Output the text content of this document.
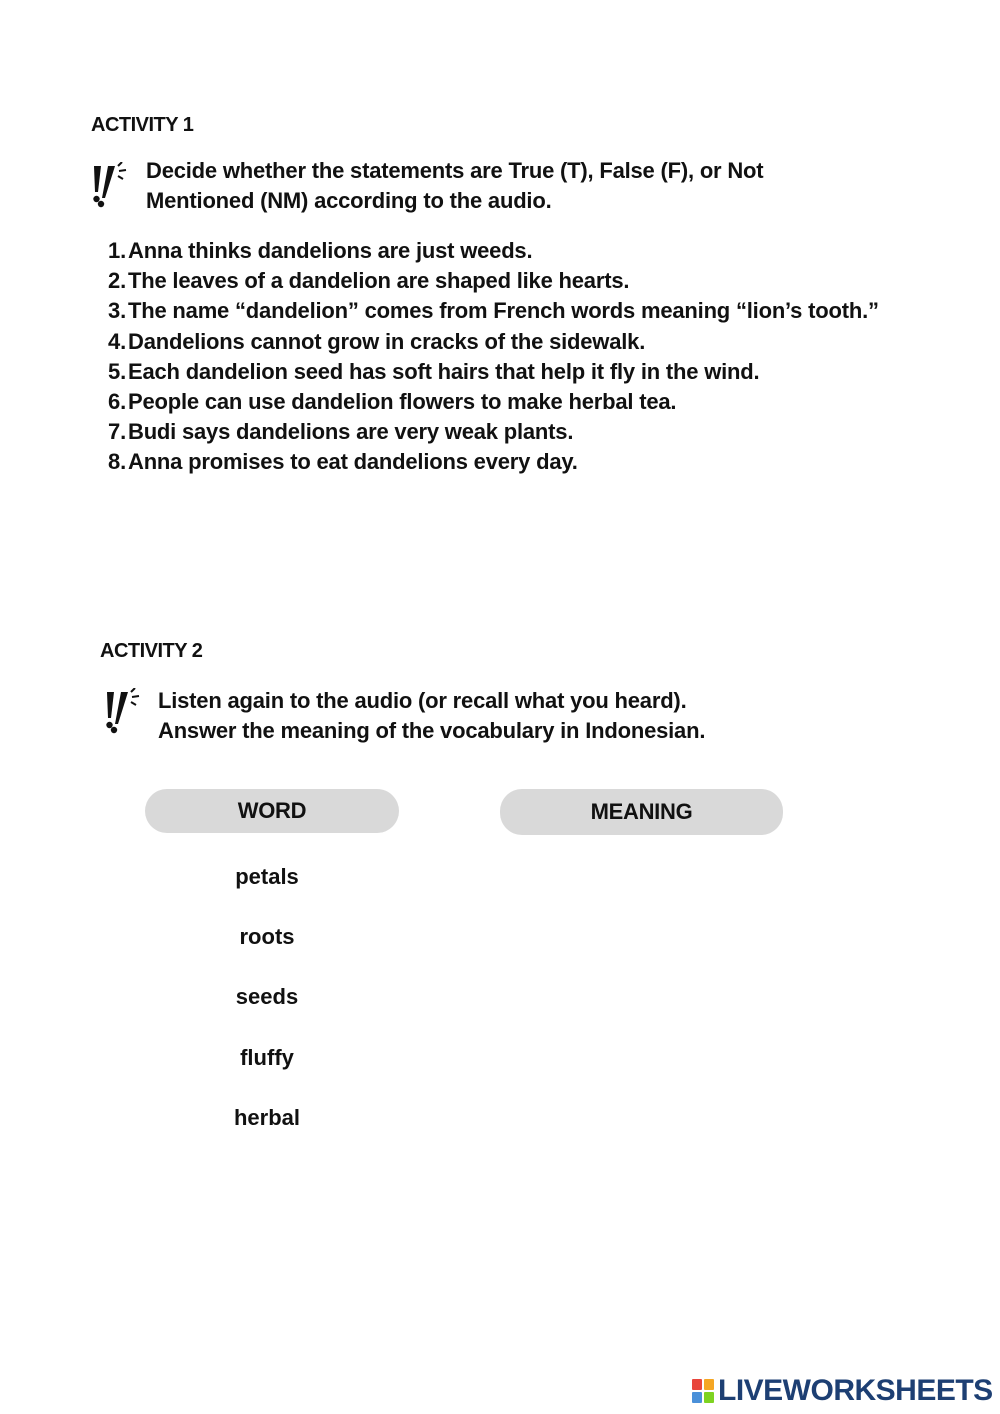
ACTIVITY 1
Decide whether the statements are True (T), False (F), or Not
Mentioned (NM) according to the audio.
1. Anna thinks dandelions are just weeds.
2. The leaves of a dandelion are shaped like hearts.
3. The name “dandelion” comes from French words meaning “lion’s tooth.”
4. Dandelions cannot grow in cracks of the sidewalk.
5. Each dandelion seed has soft hairs that help it fly in the wind.
6. People can use dandelion flowers to make herbal tea.
7. Budi says dandelions are very weak plants.
8. Anna promises to eat dandelions every day.
ACTIVITY 2
Listen again to the audio (or recall what you heard).
Answer the meaning of the vocabulary in Indonesian.
WORD	MEANING
petals
roots
seeds
fluffy
herbal
LIVEWORKSHEETS
